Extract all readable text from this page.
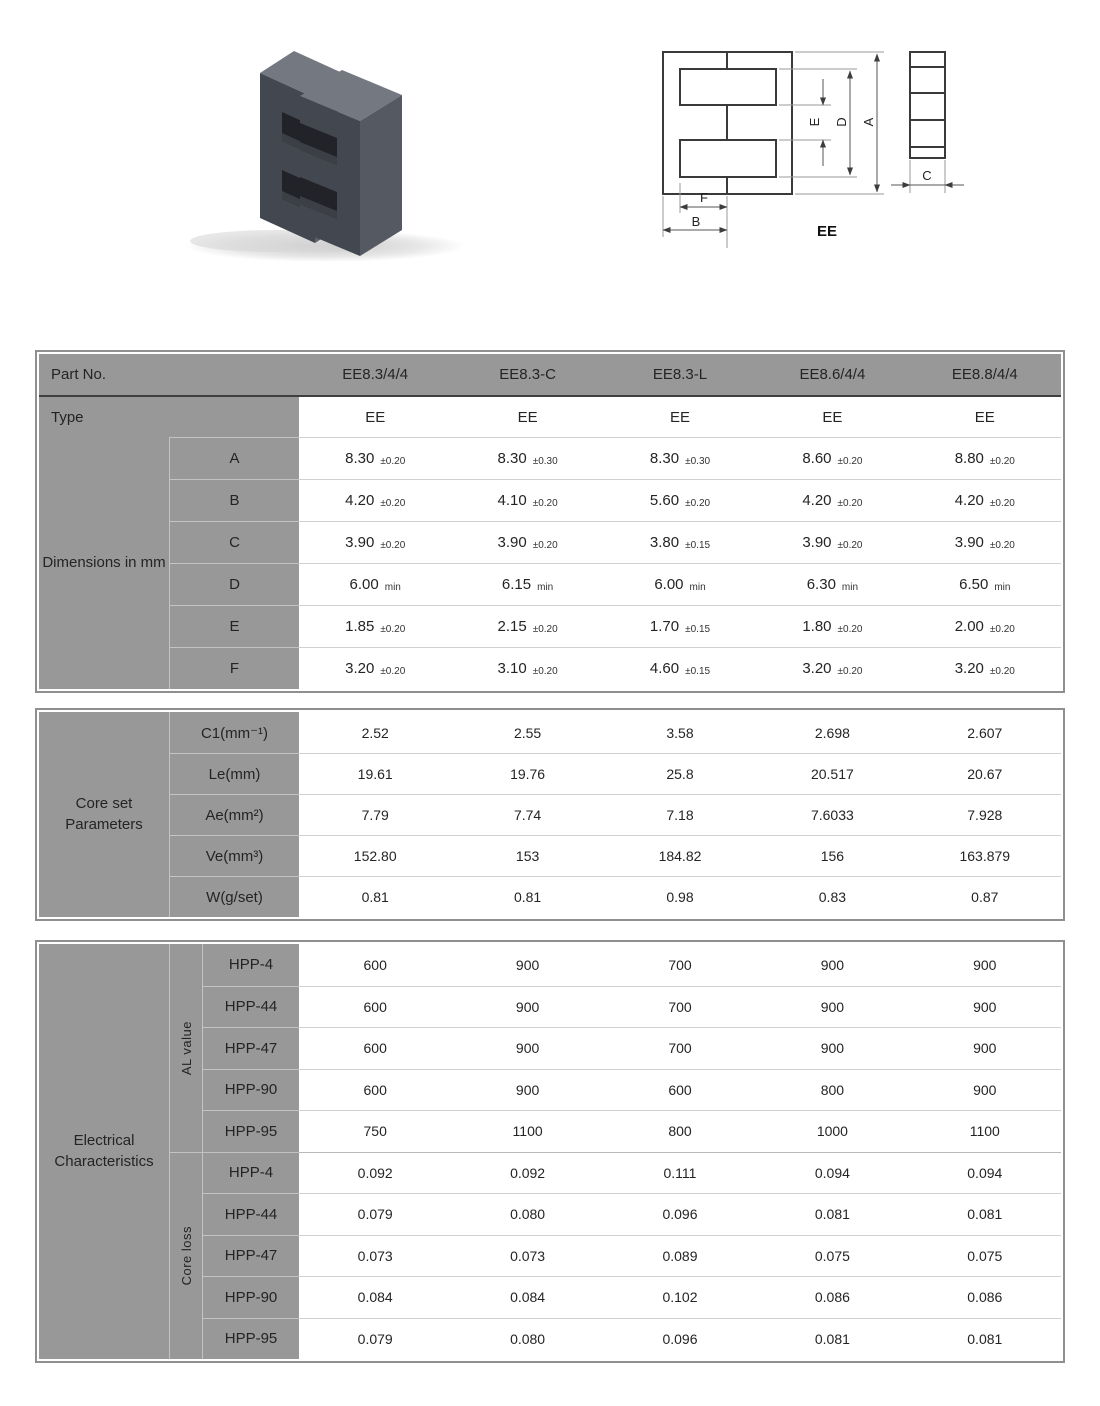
E D A
F
B
C
EE
Part No.	EE8.3/4/4	EE8.3-C	EE8.3-L	EE8.6/4/4	EE8.8/4/4
Type	EE	EE	EE	EE	EE
Dimensions in mm
A	8.30 ±0.20	8.30 ±0.30	8.30 ±0.30	8.60 ±0.20	8.80 ±0.20
B	4.20 ±0.20	4.10 ±0.20	5.60 ±0.20	4.20 ±0.20	4.20 ±0.20
C	3.90 ±0.20	3.90 ±0.20	3.80 ±0.15	3.90 ±0.20	3.90 ±0.20
D	6.00 min	6.15 min	6.00 min	6.30 min	6.50 min
E	1.85 ±0.20	2.15 ±0.20	1.70 ±0.15	1.80 ±0.20	2.00 ±0.20
F	3.20 ±0.20	3.10 ±0.20	4.60 ±0.15	3.20 ±0.20	3.20 ±0.20
Core set Parameters
C1(mm⁻¹)	2.52	2.55	3.58	2.698	2.607
Le(mm)	19.61	19.76	25.8	20.517	20.67
Ae(mm²)	7.79	7.74	7.18	7.6033	7.928
Ve(mm³)	152.80	153	184.82	156	163.879
W(g/set)	0.81	0.81	0.98	0.83	0.87
Electrical Characteristics
AL value
HPP-4	600	900	700	900	900
HPP-44	600	900	700	900	900
HPP-47	600	900	700	900	900
HPP-90	600	900	600	800	900
HPP-95	750	1100	800	1000	1100
Core loss
HPP-4	0.092	0.092	0.111	0.094	0.094
HPP-44	0.079	0.080	0.096	0.081	0.081
HPP-47	0.073	0.073	0.089	0.075	0.075
HPP-90	0.084	0.084	0.102	0.086	0.086
HPP-95	0.079	0.080	0.096	0.081	0.081
